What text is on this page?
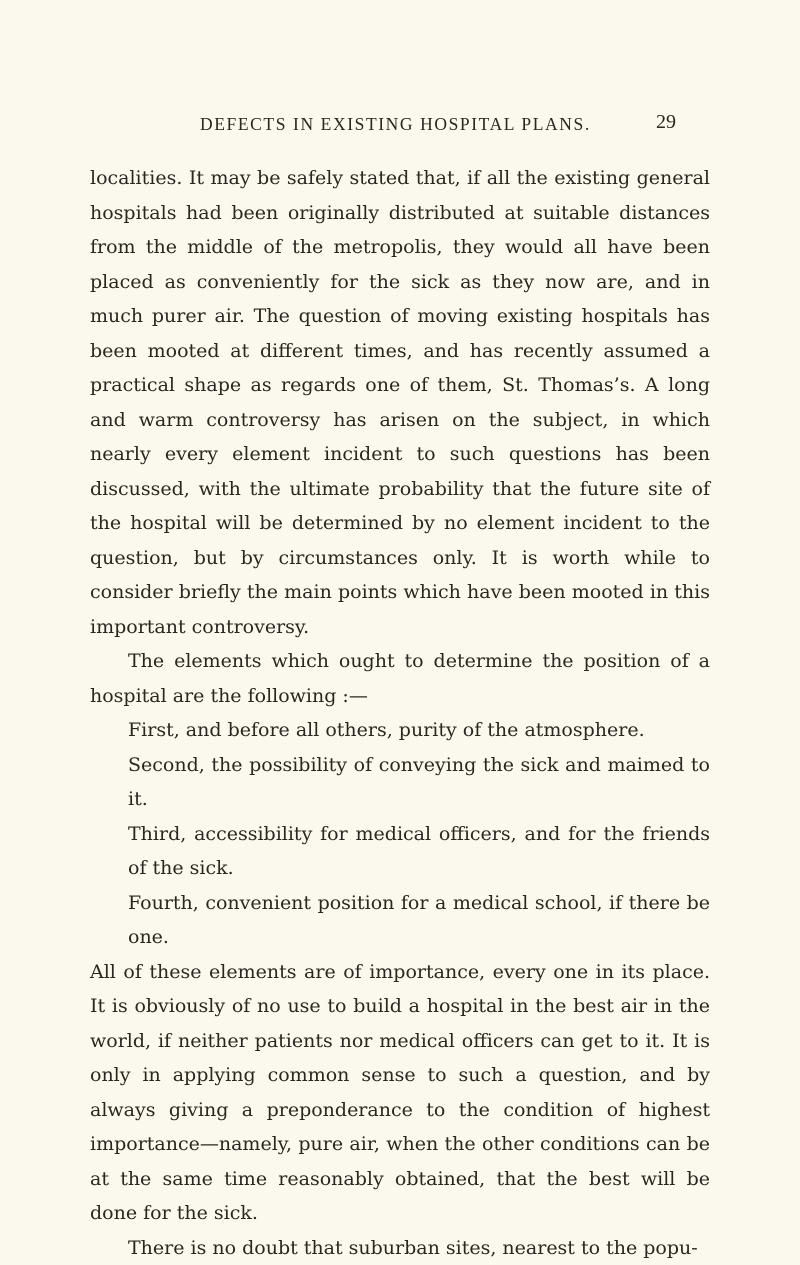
DEFECTS IN EXISTING HOSPITAL PLANS.	29

localities. It may be safely stated that, if all the existing general hospitals had been originally distributed at suitable distances from the middle of the metropolis, they would all have been placed as conveniently for the sick as they now are, and in much purer air. The question of moving existing hospitals has been mooted at different times, and has recently assumed a practical shape as regards one of them, St. Thomas’s. A long and warm controversy has arisen on the subject, in which nearly every element incident to such questions has been discussed, with the ultimate probability that the future site of the hospital will be determined by no element incident to the question, but by circumstances only. It is worth while to consider briefly the main points which have been mooted in this important controversy.

The elements which ought to determine the position of a hospital are the following :—

First, and before all others, purity of the atmosphere.

Second, the possibility of conveying the sick and maimed to it.

Third, accessibility for medical officers, and for the friends of the sick.

Fourth, convenient position for a medical school, if there be one.

All of these elements are of importance, every one in its place. It is obviously of no use to build a hospital in the best air in the world, if neither patients nor medical officers can get to it. It is only in applying common sense to such a question, and by always giving a preponderance to the condition of highest importance—namely, pure air, when the other conditions can be at the same time reasonably obtained, that the best will be done for the sick.

There is no doubt that suburban sites, nearest to the popu-
